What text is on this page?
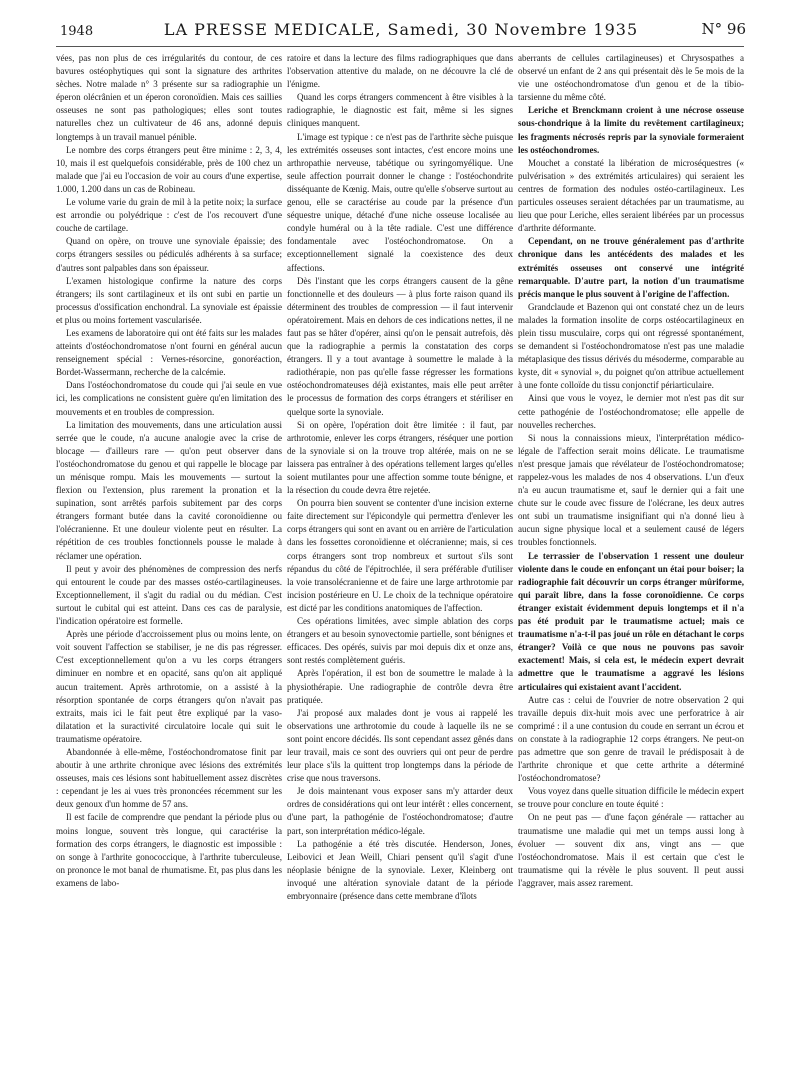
1948	LA PRESSE MEDICALE, Samedi, 30 Novembre 1935	N° 96

vées, pas non plus de ces irrégularités du contour, de ces bavures ostéophytiques qui sont la signature des arthrites sèches. Notre malade n° 3 présente sur sa radiographie un éperon olécrânien et un éperon coronoïdien. Mais ces saillies osseuses ne sont pas pathologiques; elles sont toutes naturelles chez un cultivateur de 46 ans, adonné depuis longtemps à un travail manuel pénible.

Le nombre des corps étrangers peut être minime : 2, 3, 4, 10, mais il est quelquefois considérable, près de 100 chez un malade que j'ai eu l'occasion de voir au cours d'une expertise, 1.000, 1.200 dans un cas de Robineau.

Le volume varie du grain de mil à la petite noix; la surface est arrondie ou polyédrique : c'est de l'os recouvert d'une couche de cartilage.

Quand on opère, on trouve une synoviale épaissie; des corps étrangers sessiles ou pédiculés adhérents à sa surface; d'autres sont palpables dans son épaisseur.

L'examen histologique confirme la nature des corps étrangers; ils sont cartilagineux et ils ont subi en partie un processus d'ossification enchondral. La synoviale est épaissie et plus ou moins fortement vascularisée.

Les examens de laboratoire qui ont été faits sur les malades atteints d'ostéochondromatose n'ont fourni en général aucun renseignement spécial : Vernes-résorcine, gonoréaction, Bordet-Wassermann, recherche de la calcémie.

Dans l'ostéochondromatose du coude qui j'ai seule en vue ici, les complications ne consistent guère qu'en limitation des mouvements et en troubles de compression.

La limitation des mouvements, dans une articulation aussi serrée que le coude, n'a aucune analogie avec la crise de blocage — d'ailleurs rare — qu'on peut observer dans l'ostéochondromatose du genou et qui rappelle le blocage par un ménisque rompu. Mais les mouvements — surtout la flexion ou l'extension, plus rarement la pronation et la supination, sont arrêtés parfois subitement par des corps étrangers formant butée dans la cavité coronoïdienne ou l'olécranienne. Et une douleur violente peut en résulter. La répétition de ces troubles fonctionnels pousse le malade à réclamer une opération.

Il peut y avoir des phénomènes de compression des nerfs qui entourent le coude par des masses ostéo-cartilagineuses. Exceptionnellement, il s'agit du radial ou du médian. C'est surtout le cubital qui est atteint. Dans ces cas de paralysie, l'indication opératoire est formelle.

Après une période d'accroissement plus ou moins lente, on voit souvent l'affection se stabiliser, je ne dis pas régresser. C'est exceptionnellement qu'on a vu les corps étrangers diminuer en nombre et en opacité, sans qu'on ait appliqué aucun traitement. Après arthrotomie, on a assisté à la résorption spontanée de corps étrangers qu'on n'avait pas extraits, mais ici le fait peut être expliqué par la vaso-dilatation et la suractivité circulatoire locale qui suit le traumatisme opératoire.

Abandonnée à elle-même, l'ostéochondromatose finit par aboutir à une arthrite chronique avec lésions des extrémités osseuses, mais ces lésions sont habituellement assez discrètes : cependant je les ai vues très prononcées récemment sur les deux genoux d'un homme de 57 ans.

Il est facile de comprendre que pendant la période plus ou moins longue, souvent très longue, qui caractérise la formation des corps étrangers, le diagnostic est impossible : on songe à l'arthrite gonococcique, à l'arthrite tuberculeuse, on prononce le mot banal de rhumatisme. Et, pas plus dans les examens de labo-

ratoire et dans la lecture des films radiographiques que dans l'observation attentive du malade, on ne découvre la clé de l'énigme.

Quand les corps étrangers commencent à être visibles à la radiographie, le diagnostic est fait, même si les signes cliniques manquent.

L'image est typique : ce n'est pas de l'arthrite sèche puisque les extrémités osseuses sont intactes, c'est encore moins une arthropathie nerveuse, tabétique ou syringomyélique. Une seule affection pourrait donner le change : l'ostéochondrite disséquante de Kœnig. Mais, outre qu'elle s'observe surtout au genou, elle se caractérise au coude par la présence d'un séquestre unique, détaché d'une niche osseuse localisée au condyle huméral ou à la tête radiale. C'est une différence fondamentale avec l'ostéochondromatose. On a exceptionnellement signalé la coexistence des deux affections.

Dès l'instant que les corps étrangers causent de la gêne fonctionnelle et des douleurs — à plus forte raison quand ils déterminent des troubles de compression — il faut intervenir opératoirement. Mais en dehors de ces indications nettes, il ne faut pas se hâter d'opérer, ainsi qu'on le pensait autrefois, dès que la radiographie a permis la constatation des corps étrangers. Il y a tout avantage à soumettre le malade à la radiothérapie, non pas qu'elle fasse régresser les formations ostéochondromateuses déjà existantes, mais elle peut arrêter le processus de formation des corps étrangers et stériliser en quelque sorte la synoviale.

Si on opère, l'opération doit être limitée : il faut, par arthrotomie, enlever les corps étrangers, réséquer une portion de la synoviale si on la trouve trop altérée, mais on ne se laissera pas entraîner à des opérations tellement larges qu'elles soient mutilantes pour une affection somme toute bénigne, et la résection du coude devra être rejetée.

On pourra bien souvent se contenter d'une incision externe faite directement sur l'épicondyle qui permettra d'enlever les corps étrangers qui sont en avant ou en arrière de l'articulation dans les fossettes coronoïdienne et olécranienne; mais, si ces corps étrangers sont trop nombreux et surtout s'ils sont répandus du côté de l'épitrochlée, il sera préférable d'utiliser la voie transolécranienne et de faire une large arthrotomie par incision postérieure en U. Le choix de la technique opératoire est dicté par les conditions anatomiques de l'affection.

Ces opérations limitées, avec simple ablation des corps étrangers et au besoin synovectomie partielle, sont bénignes et efficaces. Des opérés, suivis par moi depuis dix et onze ans, sont restés complètement guéris.

Après l'opération, il est bon de soumettre le malade à la physiothérapie. Une radiographie de contrôle devra être pratiquée.

J'ai proposé aux malades dont je vous ai rappelé les observations une arthrotomie du coude à laquelle ils ne se sont point encore décidés. Ils sont cependant assez gênés dans leur travail, mais ce sont des ouvriers qui ont peur de perdre leur place s'ils la quittent trop longtemps dans la période de crise que nous traversons.

Je dois maintenant vous exposer sans m'y attarder deux ordres de considérations qui ont leur intérêt : elles concernent, d'une part, la pathogénie de l'ostéochondromatose; d'autre part, son interprétation médico-légale.

La pathogénie a été très discutée. Henderson, Jones, Leibovici et Jean Weill, Chiari pensent qu'il s'agit d'une néoplasie bénigne de la synoviale. Lexer, Kleinberg ont invoqué une altération synoviale datant de la période embryonnaire (présence dans cette membrane d'îlots

aberrants de cellules cartilagineuses) et Chrysospathes a observé un enfant de 2 ans qui présentait dès le 5e mois de la vie une ostéochondromatose d'un genou et de la tibio-tarsienne du même côté.

Leriche et Brenckmann croient à une nécrose osseuse sous-chondrique à la limite du revêtement cartilagineux; les fragments nécrosés repris par la synoviale formeraient les ostéochondromes.

Mouchet a constaté la libération de microséquestres (« pulvérisation » des extrémités articulaires) qui seraient les centres de formation des nodules ostéo-cartilagineux. Les particules osseuses seraient détachées par un traumatisme, au lieu que pour Leriche, elles seraient libérées par un processus d'arthrite déformante.

Cependant, on ne trouve généralement pas d'arthrite chronique dans les antécédents des malades et les extrémités osseuses ont conservé une intégrité remarquable. D'autre part, la notion d'un traumatisme précis manque le plus souvent à l'origine de l'affection.

Grandclaude et Bazenon qui ont constaté chez un de leurs malades la formation insolite de corps ostéocartilagineux en plein tissu musculaire, corps qui ont régressé spontanément, se demandent si l'ostéochondromatose n'est pas une maladie métaplasique des tissus dérivés du mésoderme, comparable au kyste, dit « synovial », du poignet qu'on attribue actuellement à une fonte colloïde du tissu conjonctif périarticulaire.

Ainsi que vous le voyez, le dernier mot n'est pas dit sur cette pathogénie de l'ostéochondromatose; elle appelle de nouvelles recherches.

Si nous la connaissions mieux, l'interprétation médico-légale de l'affection serait moins délicate. Le traumatisme n'est presque jamais que révélateur de l'ostéochondromatose; rappelez-vous les malades de nos 4 observations. L'un d'eux n'a eu aucun traumatisme et, sauf le dernier qui a fait une chute sur le coude avec fissure de l'olécrane, les deux autres ont subi un traumatisme insignifiant qui n'a donné lieu à aucun signe physique local et a seulement causé de légers troubles fonctionnels.

Le terrassier de l'observation 1 ressent une douleur violente dans le coude en enfonçant un étai pour boiser; la radiographie fait découvrir un corps étranger mûriforme, qui paraît libre, dans la fosse coronoïdienne. Ce corps étranger existait évidemment depuis longtemps et il n'a pas été produit par le traumatisme actuel; mais ce traumatisme n'a-t-il pas joué un rôle en détachant le corps étranger? Voilà ce que nous ne pouvons pas savoir exactement! Mais, si cela est, le médecin expert devrait admettre que le traumatisme a aggravé les lésions articulaires qui existaient avant l'accident.

Autre cas : celui de l'ouvrier de notre observation 2 qui travaille depuis dix-huit mois avec une perforatrice à air comprimé : il a une contusion du coude en serrant un écrou et on constate à la radiographie 12 corps étrangers. Ne peut-on pas admettre que son genre de travail le prédisposait à de l'arthrite chronique et que cette arthrite a déterminé l'ostéochondromatose?

Vous voyez dans quelle situation difficile le médecin expert se trouve pour conclure en toute équité :

On ne peut pas — d'une façon générale — rattacher au traumatisme une maladie qui met un temps aussi long à évoluer — souvent dix ans, vingt ans — que l'ostéochondromatose. Mais il est certain que c'est le traumatisme qui la révèle le plus souvent. Il peut aussi l'aggraver, mais assez rarement.
